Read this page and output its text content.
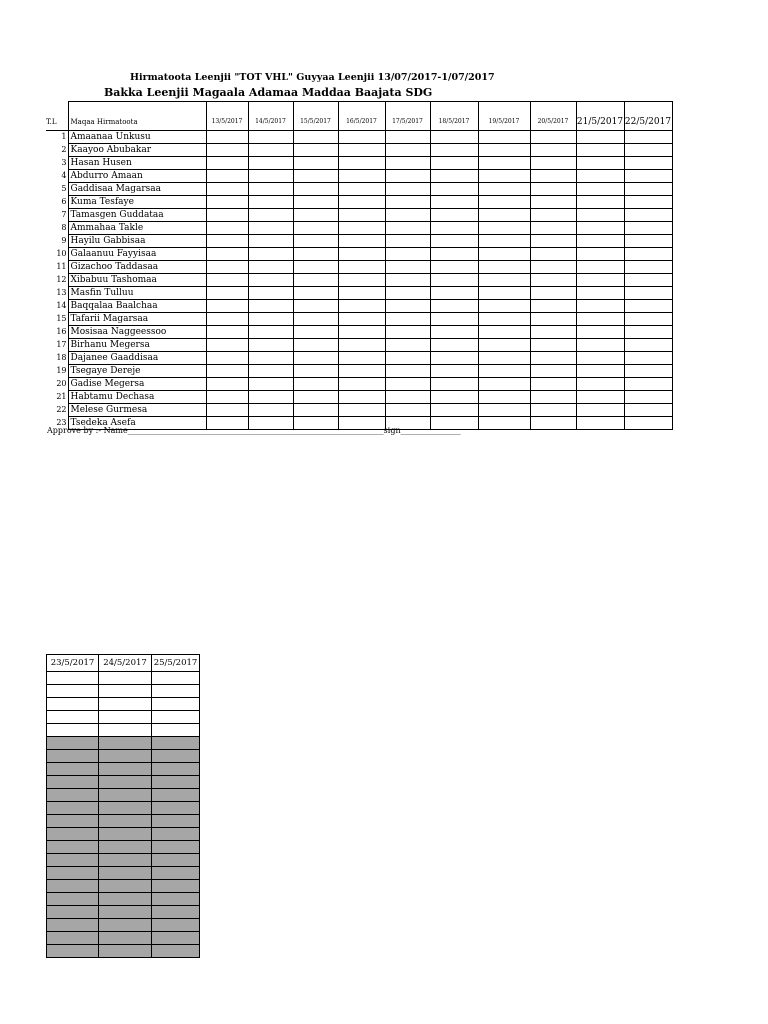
Hirmatoota Leenjii "TOT VHL" Guyyaa Leenjii 13/07/2017-1/07/2017
Bakka Leenjii Magaala Adamaa Maddaa Baajata SDG
T.L	Maqaa Hirmatoota	13/5/2017	14/5/2017	15/5/2017	16/5/2017	17/5/2017	18/5/2017	19/5/2017	20/5/2017	21/5/2017	22/5/2017
1	Amaanaa Unkusu										
2	Kaayoo Abubakar										
3	Hasan Husen										
4	Abdurro Amaan										
5	Gaddisaa Magarsaa										
6	Kuma Tesfaye										
7	Tamasgen Guddataa										
8	Ammahaa Takle										
9	Hayilu Gabbisaa										
10	Galaanuu Fayyisaa										
11	Gizachoo Taddasaa										
12	Xibabuu Tashomaa										
13	Masfin Tulluu										
14	Baqqalaa Baalchaa										
15	Tafarii Magarsaa										
16	Mosisaa Naggeessoo										
17	Birhanu Megersa										
18	Dajanee Gaaddisaa										
19	Tsegaye Dereje										
20	Gadise Megersa										
21	Habtamu Dechasa										
22	Melese Gurmesa										
23	Tsedeka Asefa										
Approve by :- Name________________________________________________________________sign_______________
23/5/2017	24/5/2017	25/5/2017
